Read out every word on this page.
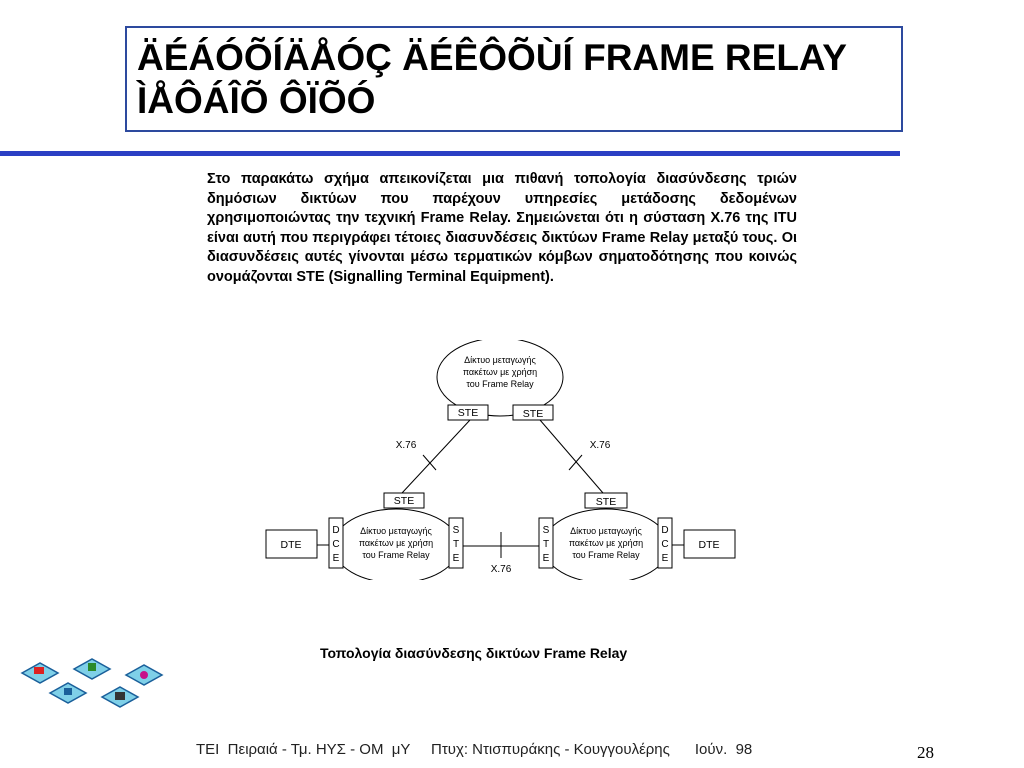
ÄÉÁÓÕÍÄÅÓÇ ÄÉÊÔÕÙÍ FRAME RELAY
ÌÅÔÁÎÕ ÔÏÕÓ
Στο παρακάτω σχήμα απεικονίζεται μια πιθανή τοπολογία διασύνδεσης τριών δημόσιων δικτύων που παρέχουν υπηρεσίες μετάδοσης δεδομένων χρησιμοποιώντας την τεχνική Frame Relay. Σημειώνεται ότι η σύσταση X.76 της ITU είναι αυτή που περιγράφει τέτοιες διασυνδέσεις δικτύων Frame Relay μεταξύ τους. Οι διασυνδέσεις αυτές γίνονται μέσω τερματικών κόμβων σηματοδότησης που κοινώς ονομάζονται STE (Signalling Terminal Equipment).
Δίκτυο μεταγωγής
πακέτων με χρήση
του Frame Relay
Δίκτυο μεταγωγής
πακέτων με χρήση
του Frame Relay
Δίκτυο μεταγωγής
πακέτων με χρήση
του Frame Relay
STE	STE
STE	STE
X.76	X.76
X.76
DTE	DTE
D
C
E
S
T
E
S
T
E
D
C
E
Τοπολογία διασύνδεσης δικτύων Frame Relay
ΤΕΙ  Πειραιά - Τμ. ΗΥΣ - ΟΜ  μΥ     Πτυχ: Ντισπυράκης - Κουγγουλέρης      Ιούν.  98	28
